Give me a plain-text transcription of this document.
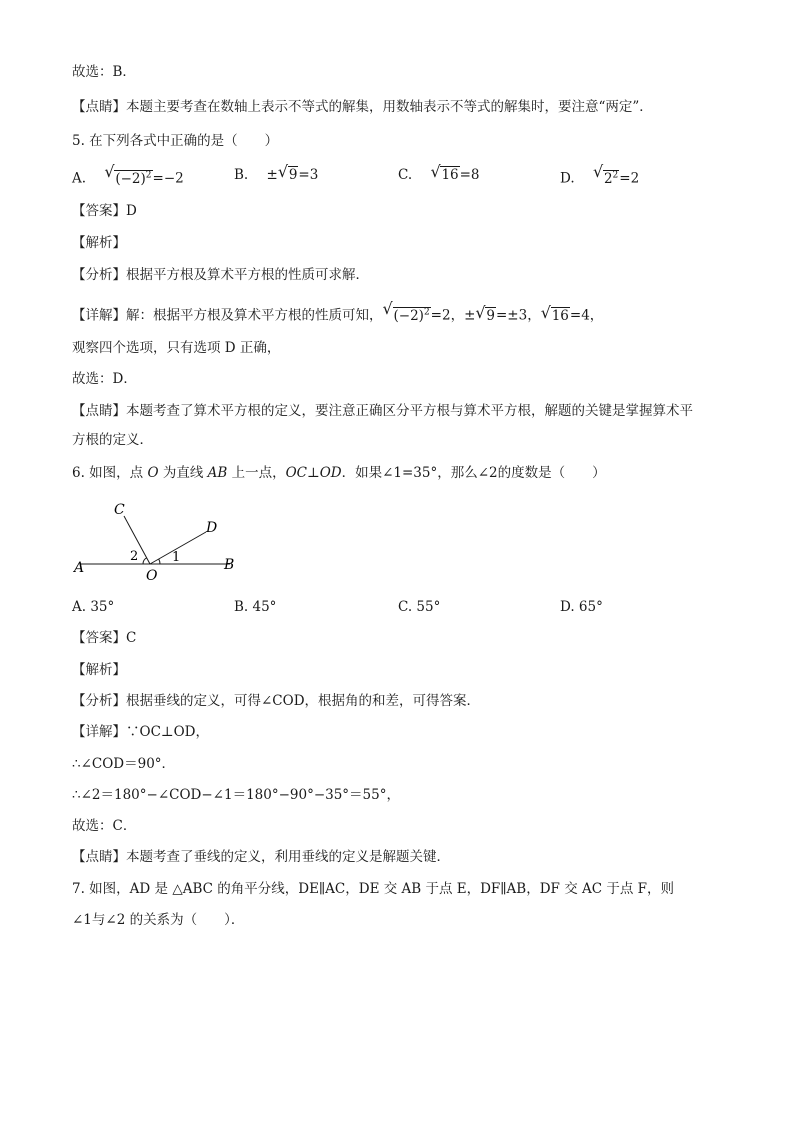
故选：B．
【点睛】本题主要考查在数轴上表示不等式的解集，用数轴表示不等式的解集时，要注意“两定”．
5. 在下列各式中正确的是（　　）
A. √ $(-2)^2=-2$	B. ± √ 9=3	C. √ 16=8	D. √ $2^2=2$
【答案】D
【解析】
【分析】根据平方根及算术平方根的性质可求解．
【详解】解：根据平方根及算术平方根的性质可知， √ $(-2)^2=2$，± √ 9=±3， √ 16=4，
观察四个选项，只有选项 D 正确，
故选：D．
【点睛】本题考查了算术平方根的定义，要注意正确区分平方根与算术平方根，解题的关键是掌握算术平
方根的定义．
6. 如图，点 O 为直线 AB 上一点，OC⊥OD．如果∠1=35°，那么∠2的度数是（　　）
C
D
A	B
O
2	1
A. 35°	B. 45°	C. 55°	D. 65°
【答案】C
【解析】
【分析】根据垂线的定义，可得∠COD，根据角的和差，可得答案．
【详解】∵OC⊥OD，
∴∠COD＝90°．
∴∠2＝180°−∠COD−∠1＝180°−90°−35°＝55°，
故选：C．
【点睛】本题考查了垂线的定义，利用垂线的定义是解题关键．
7. 如图，AD 是 △ABC 的角平分线，DE∥AC，DE 交 AB 于点 E，DF∥AB，DF 交 AC 于点 F，则
∠1与∠2 的关系为（　　）．
